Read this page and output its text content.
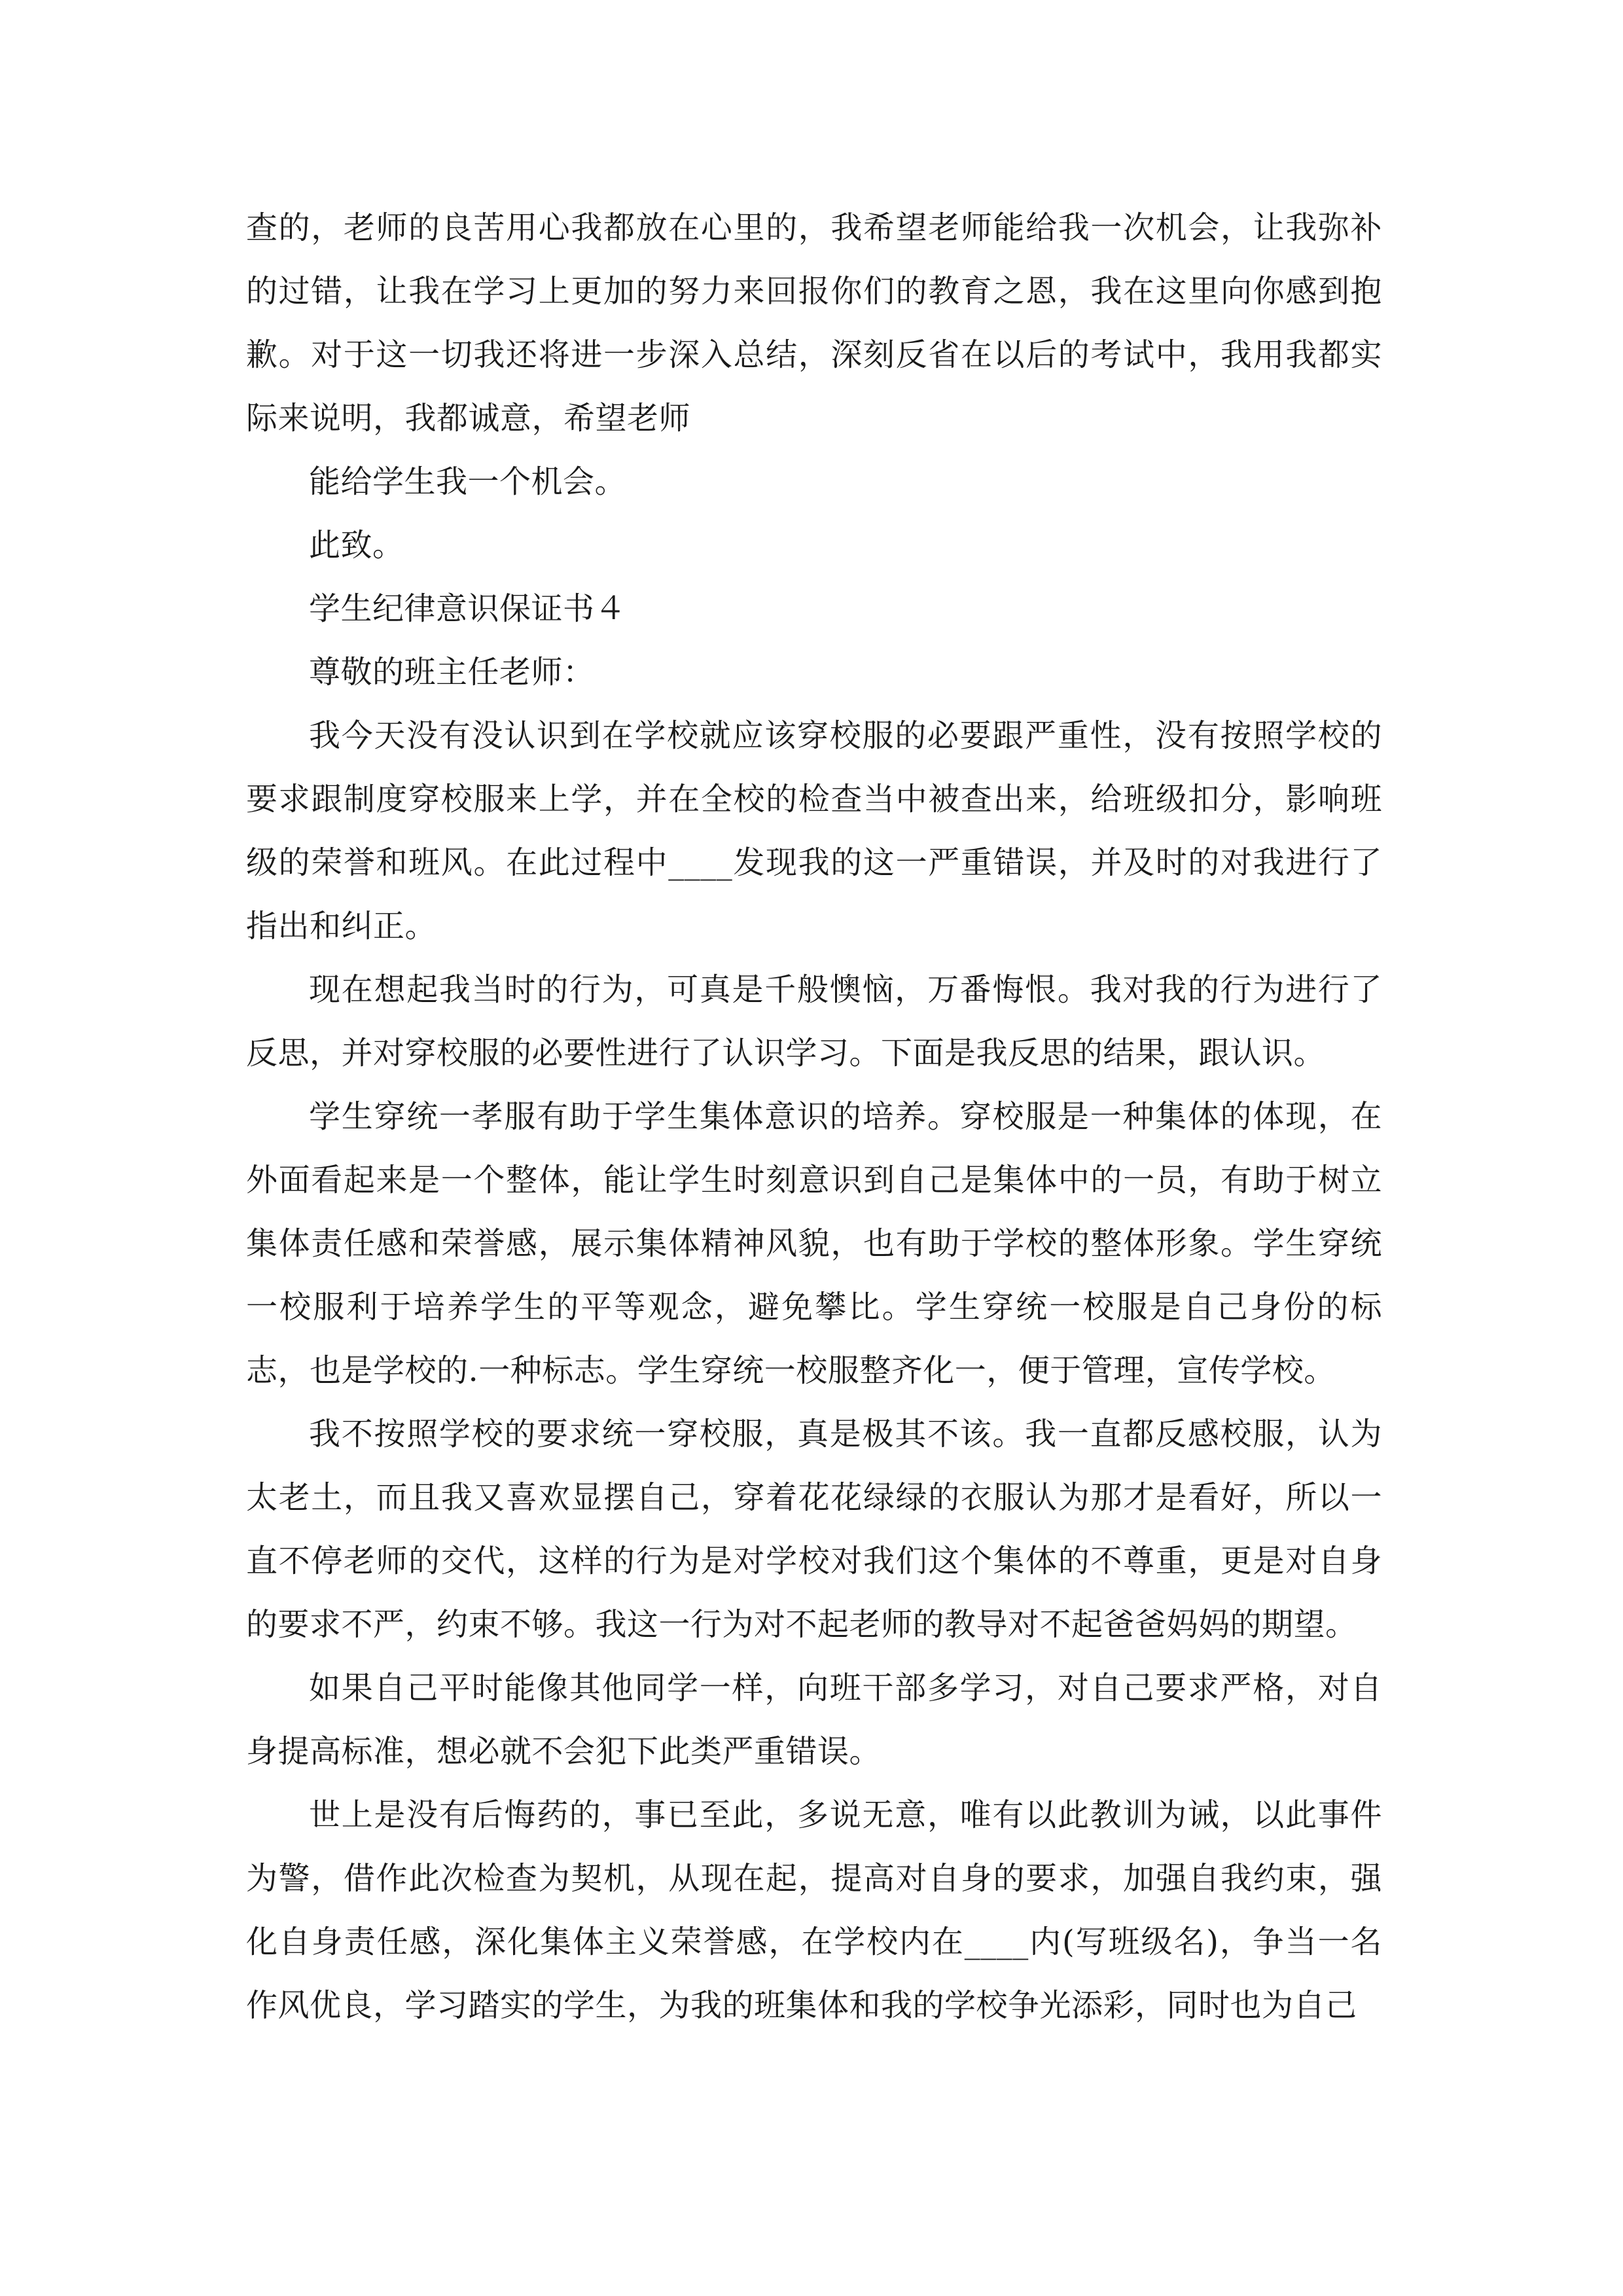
查的，老师的良苦用心我都放在心里的，我希望老师能给我一次机会，让我弥补的过错，让我在学习上更加的努力来回报你们的教育之恩，我在这里向你感到抱歉。对于这一切我还将进一步深入总结，深刻反省在以后的考试中，我用我都实际来说明，我都诚意，希望老师

能给学生我一个机会。

此致。

学生纪律意识保证书４

尊敬的班主任老师：

我今天没有没认识到在学校就应该穿校服的必要跟严重性，没有按照学校的要求跟制度穿校服来上学，并在全校的检查当中被查出来，给班级扣分，影响班级的荣誉和班风。在此过程中____发现我的这一严重错误，并及时的对我进行了指出和纠正。

现在想起我当时的行为，可真是千般懊恼，万番悔恨。我对我的行为进行了反思，并对穿校服的必要性进行了认识学习。下面是我反思的结果，跟认识。

学生穿统一孝服有助于学生集体意识的培养。穿校服是一种集体的体现，在外面看起来是一个整体，能让学生时刻意识到自己是集体中的一员，有助于树立集体责任感和荣誉感，展示集体精神风貌，也有助于学校的整体形象。学生穿统一校服利于培养学生的平等观念，避免攀比。学生穿统一校服是自己身份的标志，也是学校的.一种标志。学生穿统一校服整齐化一，便于管理，宣传学校。

我不按照学校的要求统一穿校服，真是极其不该。我一直都反感校服，认为太老土，而且我又喜欢显摆自己，穿着花花绿绿的衣服认为那才是看好，所以一直不停老师的交代，这样的行为是对学校对我们这个集体的不尊重，更是对自身的要求不严，约束不够。我这一行为对不起老师的教导对不起爸爸妈妈的期望。

如果自己平时能像其他同学一样，向班干部多学习，对自己要求严格，对自身提高标准，想必就不会犯下此类严重错误。

世上是没有后悔药的，事已至此，多说无意，唯有以此教训为诫，以此事件为警，借作此次检查为契机，从现在起，提高对自身的要求，加强自我约束，强化自身责任感，深化集体主义荣誉感，在学校内在____内(写班级名)，争当一名作风优良，学习踏实的学生，为我的班集体和我的学校争光添彩，同时也为自己
